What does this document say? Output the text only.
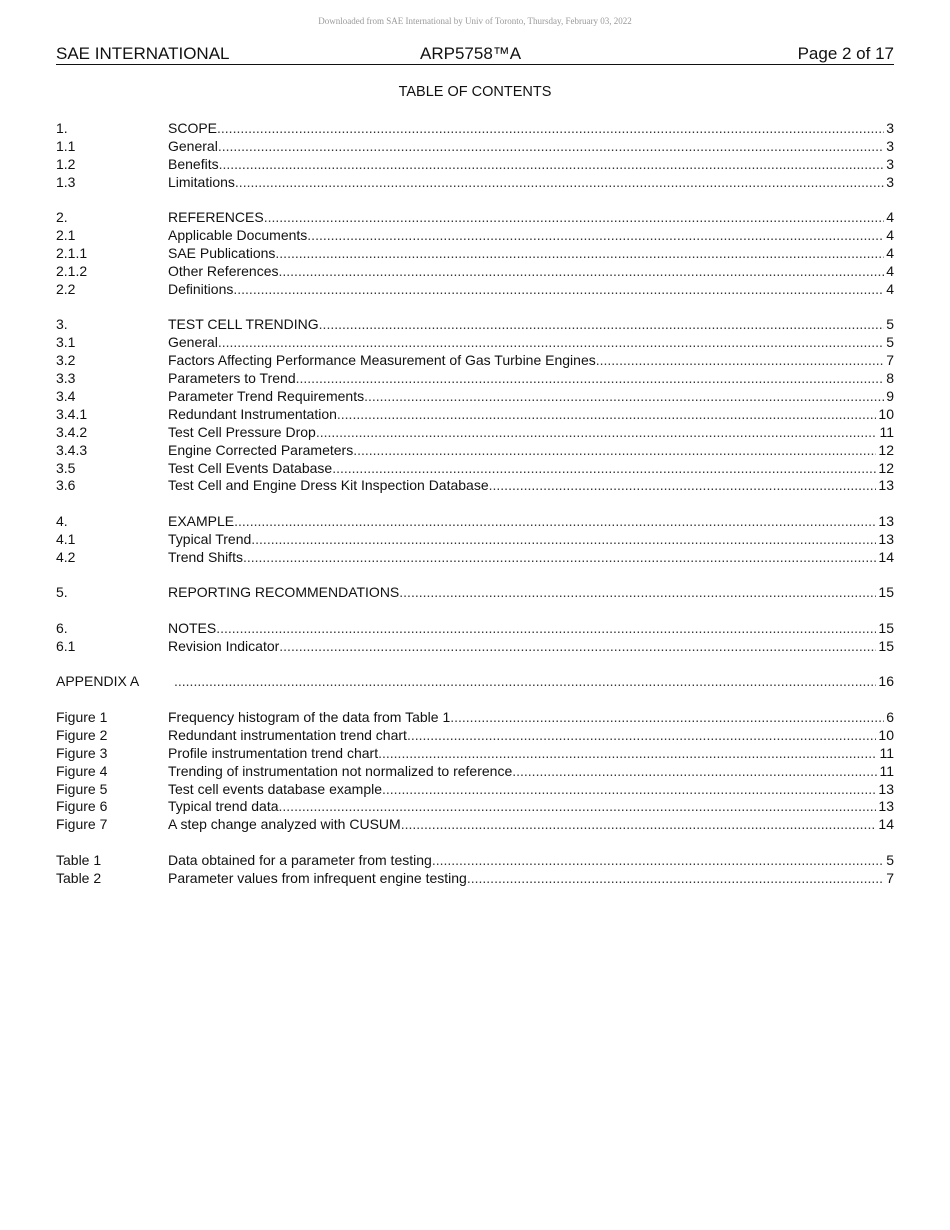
Downloaded from SAE International by Univ of Toronto, Thursday, February 03, 2022
SAE INTERNATIONAL	ARP5758™A	Page 2 of 17
TABLE OF CONTENTS
1.	SCOPE .....	3
1.1	General .....	3
1.2	Benefits .....	3
1.3	Limitations .....	3
2.	REFERENCES .....	4
2.1	Applicable Documents .....	4
2.1.1	SAE Publications .....	4
2.1.2	Other References .....	4
2.2	Definitions .....	4
3.	TEST CELL TRENDING .....	5
3.1	General .....	5
3.2	Factors Affecting Performance Measurement of Gas Turbine Engines .....	7
3.3	Parameters to Trend .....	8
3.4	Parameter Trend Requirements .....	9
3.4.1	Redundant Instrumentation .....	10
3.4.2	Test Cell Pressure Drop .....	11
3.4.3	Engine Corrected Parameters .....	12
3.5	Test Cell Events Database .....	12
3.6	Test Cell and Engine Dress Kit Inspection Database .....	13
4.	EXAMPLE .....	13
4.1	Typical Trend .....	13
4.2	Trend Shifts .....	14
5.	REPORTING RECOMMENDATIONS .....	15
6.	NOTES .....	15
6.1	Revision Indicator .....	15
APPENDIX A .....	16
Figure 1	Frequency histogram of the data from Table 1 .....	6
Figure 2	Redundant instrumentation trend chart .....	10
Figure 3	Profile instrumentation trend chart .....	11
Figure 4	Trending of instrumentation not normalized to reference .....	11
Figure 5	Test cell events database example .....	13
Figure 6	Typical trend data .....	13
Figure 7	A step change analyzed with CUSUM .....	14
Table 1	Data obtained for a parameter from testing .....	5
Table 2	Parameter values from infrequent engine testing .....	7
